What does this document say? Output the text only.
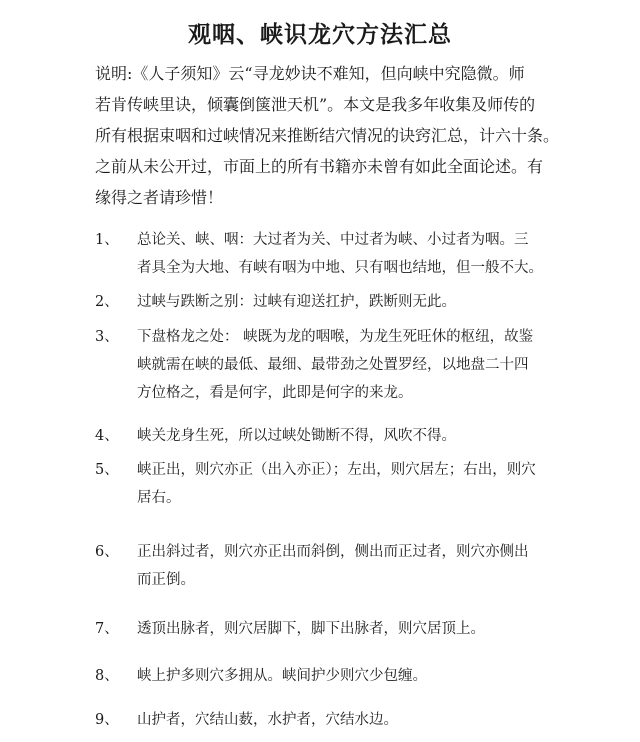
观咽、峡识龙穴方法汇总

说明:《人子须知》云“寻龙妙诀不难知，但向峡中究隐微。师

若肯传峡里诀，倾囊倒箧泄天机”。本文是我多年收集及师传的

所有根据束咽和过峡情况来推断结穴情况的诀窍汇总，计六十条。

之前从未公开过，市面上的所有书籍亦未曾有如此全面论述。有

缘得之者请珍惜！

1、	总论关、峡、咽：大过者为关、中过者为峡、小过者为咽。三

者具全为大地、有峡有咽为中地、只有咽也结地，但一般不大。

2、	过峡与跌断之别：过峡有迎送扛护，跌断则无此。

3、	下盘格龙之处： 峡既为龙的咽喉，为龙生死旺休的枢纽，故鉴

峡就需在峡的最低、最细、最带劲之处置罗经，以地盘二十四

方位格之，看是何字，此即是何字的来龙。

4、	峡关龙身生死，所以过峡处锄断不得，风吹不得。

5、	峡正出，则穴亦正（出入亦正）；左出，则穴居左；右出，则穴

居右。

6、	正出斜过者，则穴亦正出而斜倒，侧出而正过者，则穴亦侧出

而正倒。

7、	透顶出脉者，则穴居脚下，脚下出脉者，则穴居顶上。

8、	峡上护多则穴多拥从。峡间护少则穴少包缠。

9、	山护者，穴结山薮，水护者，穴结水边。
